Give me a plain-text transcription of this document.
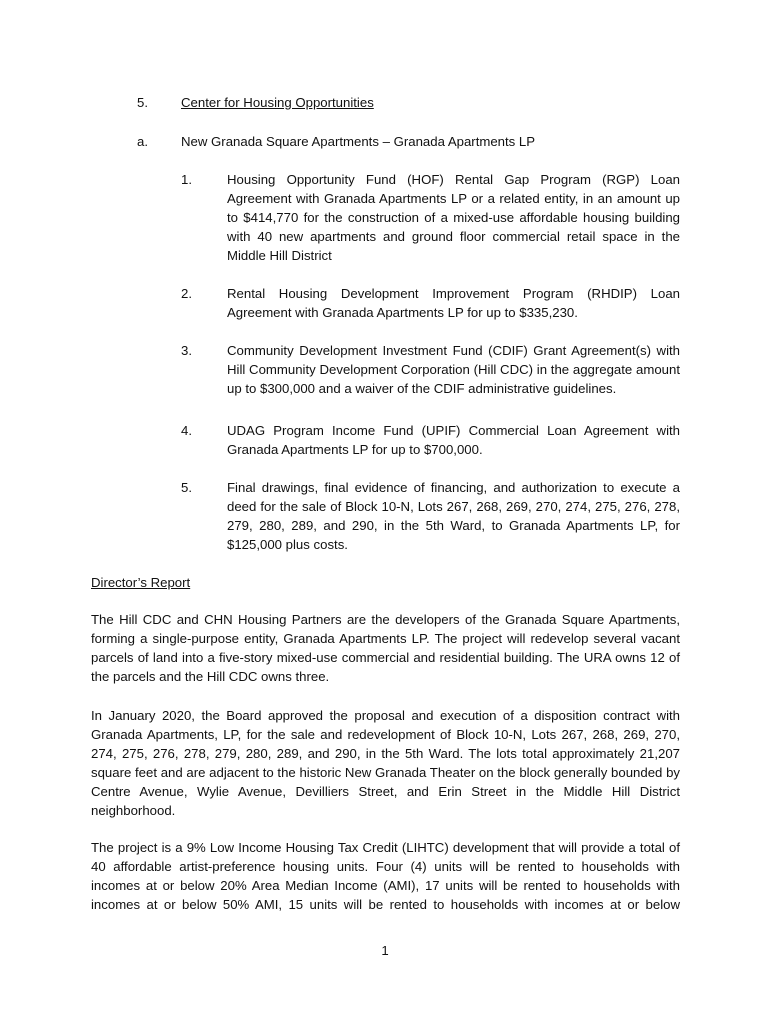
5.	Center for Housing Opportunities
a.	New Granada Square Apartments – Granada Apartments LP
1.	Housing Opportunity Fund (HOF) Rental Gap Program (RGP) Loan Agreement with Granada Apartments LP or a related entity, in an amount up to $414,770 for the construction of a mixed-use affordable housing building with 40 new apartments and ground floor commercial retail space in the Middle Hill District
2.	Rental Housing Development Improvement Program (RHDIP) Loan Agreement with Granada Apartments LP for up to $335,230.
3.	Community Development Investment Fund (CDIF) Grant Agreement(s) with Hill Community Development Corporation (Hill CDC) in the aggregate amount up to $300,000 and a waiver of the CDIF administrative guidelines.
4.	UDAG Program Income Fund (UPIF) Commercial Loan Agreement with Granada Apartments LP for up to $700,000.
5.	Final drawings, final evidence of financing, and authorization to execute a deed for the sale of Block 10-N, Lots 267, 268, 269, 270, 274, 275, 276, 278, 279, 280, 289, and 290, in the 5th Ward, to Granada Apartments LP, for $125,000 plus costs.
Director’s Report
The Hill CDC and CHN Housing Partners are the developers of the Granada Square Apartments, forming a single-purpose entity, Granada Apartments LP. The project will redevelop several vacant parcels of land into a five-story mixed-use commercial and residential building. The URA owns 12 of the parcels and the Hill CDC owns three.
In January 2020, the Board approved the proposal and execution of a disposition contract with Granada Apartments, LP, for the sale and redevelopment of Block 10-N, Lots 267, 268, 269, 270, 274, 275, 276, 278, 279, 280, 289, and 290, in the 5th Ward. The lots total approximately 21,207 square feet and are adjacent to the historic New Granada Theater on the block generally bounded by Centre Avenue, Wylie Avenue, Devilliers Street, and Erin Street in the Middle Hill District neighborhood.
The project is a 9% Low Income Housing Tax Credit (LIHTC) development that will provide a total of 40 affordable artist-preference housing units. Four (4) units will be rented to households with incomes at or below 20% Area Median Income (AMI), 17 units will be rented to households with incomes at or below 50% AMI, 15 units will be rented to households with incomes at or below
1
